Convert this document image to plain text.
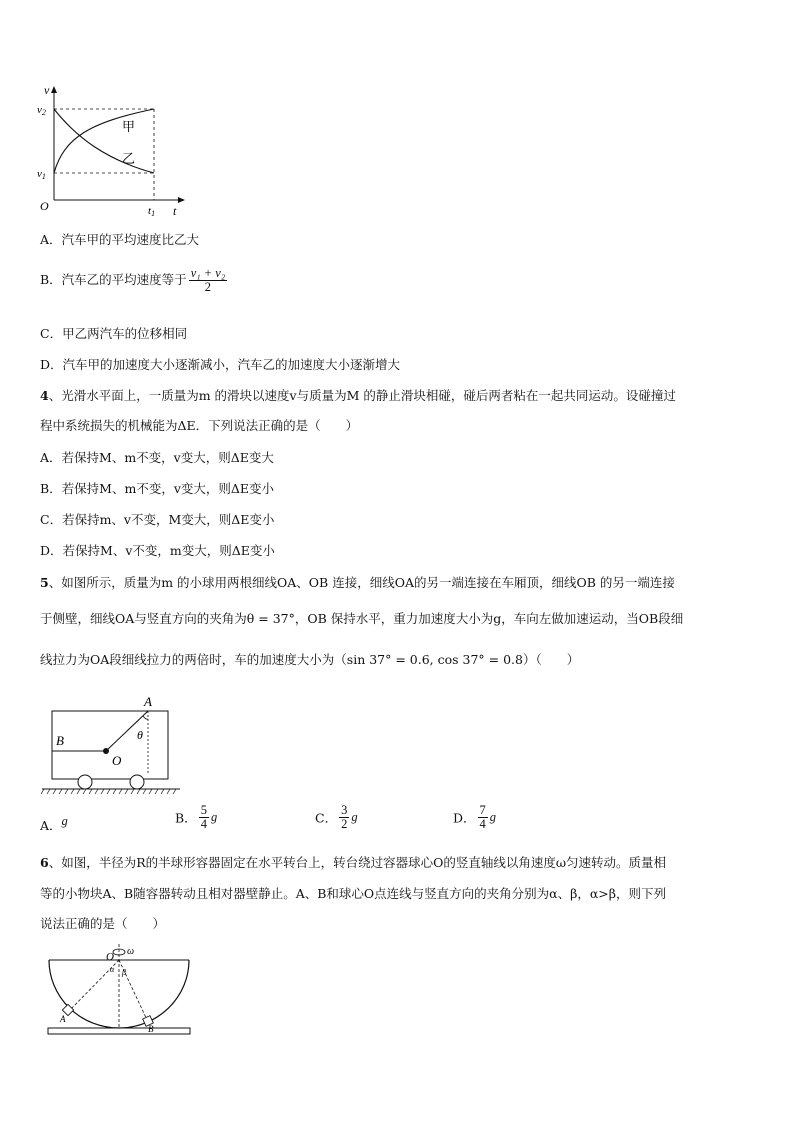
v
t
v2
v1
O	t1
甲
乙
A．汽车甲的平均速度比乙大
B．汽车乙的平均速度等于 $\frac{\text{v₁ + v₂}}{2}$
C．甲乙两汽车的位移相同
D．汽车甲的加速度大小逐渐减小，汽车乙的加速度大小逐渐增大
4、光滑水平面上，一质量为m 的滑块以速度v与质量为M 的静止滑块相碰，碰后两者粘在一起共同运动。设碰撞过
程中系统损失的机械能为ΔE．下列说法正确的是（　　）
A．若保持M、m不变，v变大，则ΔE变大
B．若保持M、m不变，v变大，则ΔE变小
C．若保持m、v不变，M变大，则ΔE变小
D．若保持M、v不变，m变大，则ΔE变小
5、如图所示，质量为m 的小球用两根细线OA、OB 连接，细线OA的另一端连接在车厢顶，细线OB 的另一端连接
于侧壁，细线OA与竖直方向的夹角为θ = 37°，OB 保持水平，重力加速度大小为g，车向左做加速运动，当OB段细
线拉力为OA段细线拉力的两倍时，车的加速度大小为（sin 37° = 0.6, cos 37° = 0.8）（　　）
A
B
O
θ
A．g	B． $\frac{5}{4}$ g	C． $\frac{3}{2}$ g	D． $\frac{7}{4}$ g
6、如图，半径为R的半球形容器固定在水平转台上，转台绕过容器球心O的竖直轴线以角速度ω匀速转动。质量相
等的小物块A、B随容器转动且相对器壁静止。A、B和球心O点连线与竖直方向的夹角分别为α、β，α>β，则下列
说法正确的是（　　）
O ω
α β
A
B
